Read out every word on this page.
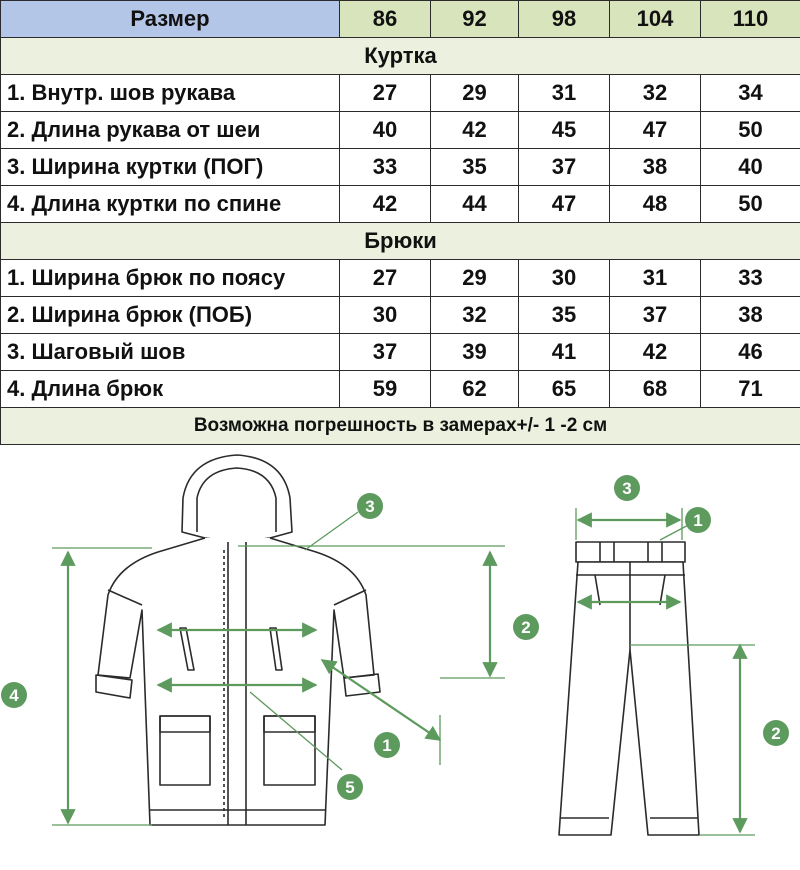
Размер	86	92	98	104	110
Куртка					
1. Внутр. шов рукава	27	29	31	32	34
2. Длина рукава от шеи	40	42	45	47	50
3. Ширина куртки (ПОГ)	33	35	37	38	40
4. Длина куртки по спине	42	44	47	48	50
Брюки					
1. Ширина брюк по поясу	27	29	30	31	33
2. Ширина брюк (ПОБ)	30	32	35	37	38
3. Шаговый шов	37	39	41	42	46
4. Длина брюк	59	62	65	68	71
Возможна погрешность в замерах+/- 1 -2 см					
1
2
3
4
5
1
2
3
